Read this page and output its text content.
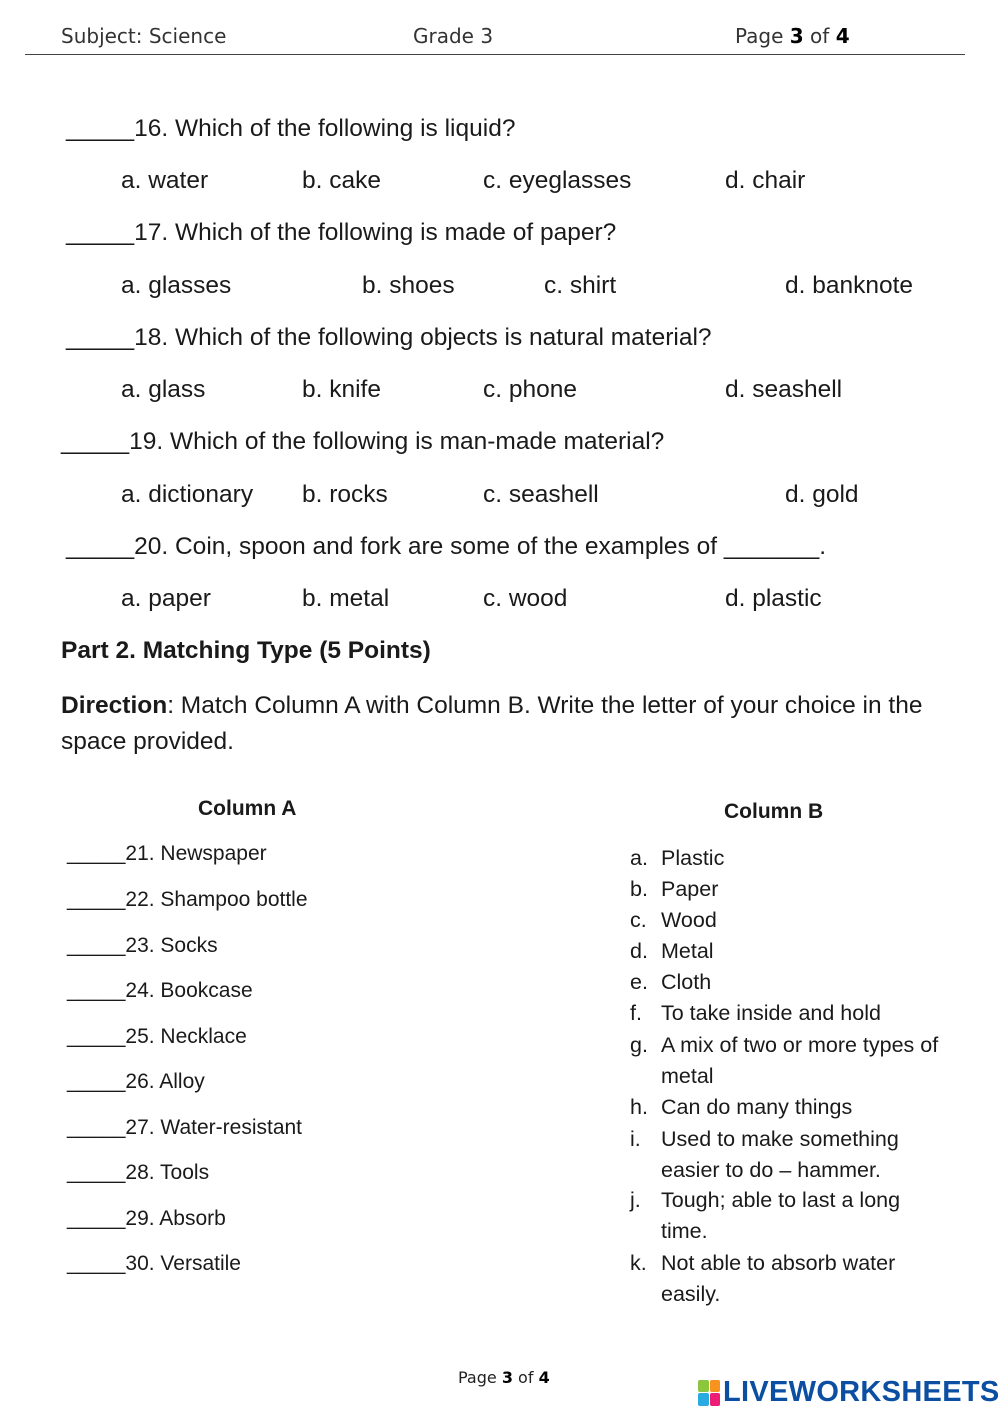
Subject: Science	Grade 3	Page 3 of 4
_____16. Which of the following is liquid?
a. water	b. cake	c. eyeglasses	d. chair
_____17. Which of the following is made of paper?
a. glasses	b. shoes	c. shirt	d. banknote
_____18. Which of the following objects is natural material?
a. glass	b. knife	c. phone	d. seashell
_____19. Which of the following is man-made material?
a. dictionary b. rocks	c. seashell	d. gold
_____20. Coin, spoon and fork are some of the examples of _______.
a. paper	b. metal	c. wood	d. plastic
Part 2. Matching Type (5 Points)
Direction: Match Column A with Column B. Write the letter of your choice in the space provided.
Column A
_____21. Newspaper
_____22. Shampoo bottle
_____23. Socks
_____24. Bookcase
_____25. Necklace
_____26. Alloy
_____27. Water-resistant
_____28. Tools
_____29. Absorb
_____30. Versatile
Column B
a. Plastic
b. Paper
c. Wood
d. Metal
e. Cloth
f. To take inside and hold
g. A mix of two or more types of metal
h. Can do many things
i. Used to make something easier to do – hammer.
j. Tough; able to last a long time.
k. Not able to absorb water easily.
Page 3 of 4	LIVEWORKSHEETS
